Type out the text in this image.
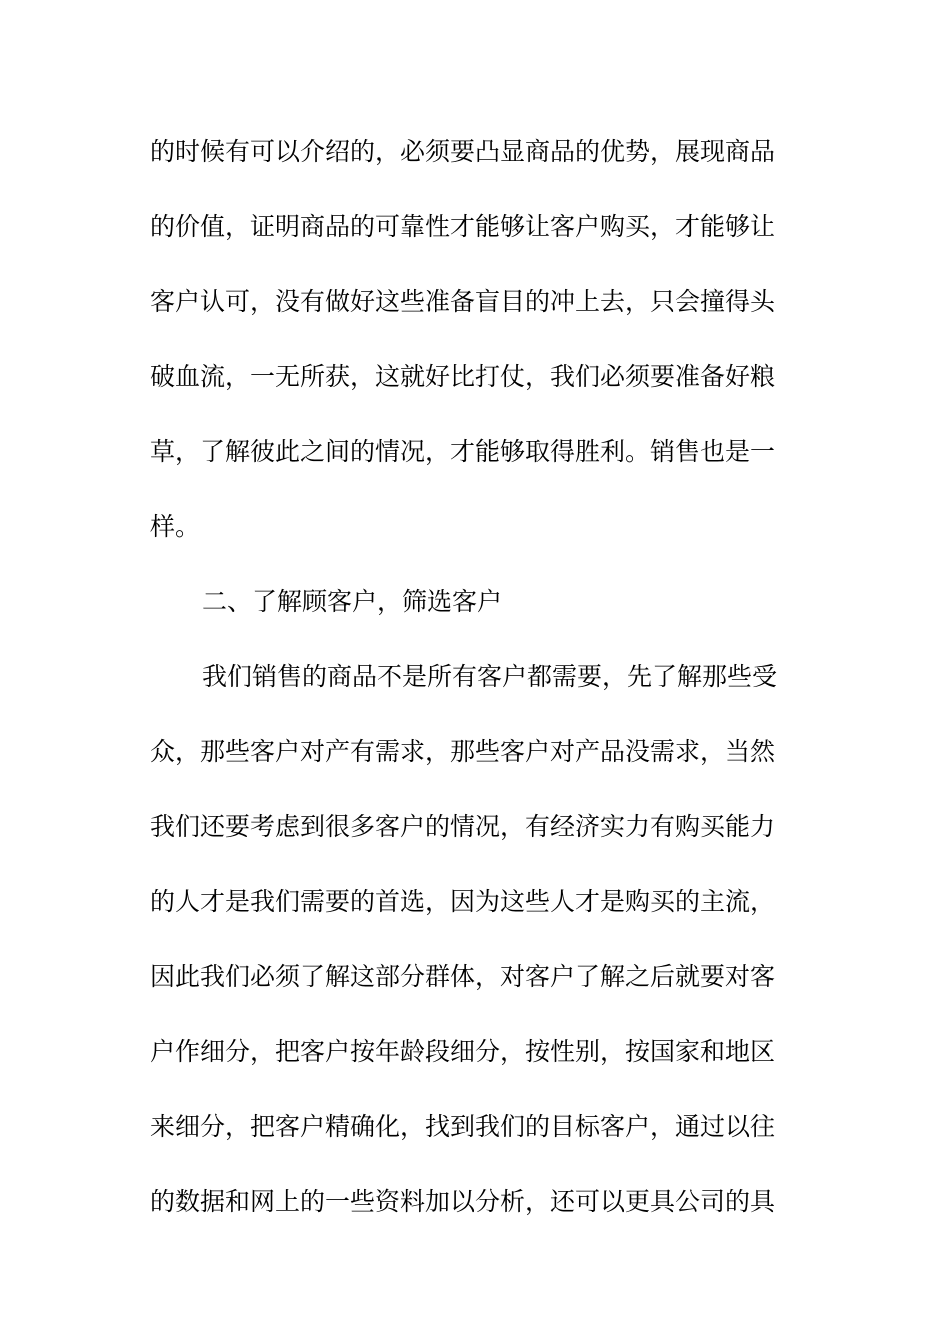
的时候有可以介绍的，必须要凸显商品的优势，展现商品
的价值，证明商品的可靠性才能够让客户购买，才能够让
客户认可，没有做好这些准备盲目的冲上去，只会撞得头
破血流，一无所获，这就好比打仗，我们必须要准备好粮
草，了解彼此之间的情况，才能够取得胜利。销售也是一
样。
二、了解顾客户，筛选客户
我们销售的商品不是所有客户都需要，先了解那些受
众，那些客户对产有需求，那些客户对产品没需求，当然
我们还要考虑到很多客户的情况，有经济实力有购买能力
的人才是我们需要的首选，因为这些人才是购买的主流，
因此我们必须了解这部分群体，对客户了解之后就要对客
户作细分，把客户按年龄段细分，按性别，按国家和地区
来细分，把客户精确化，找到我们的目标客户，通过以往
的数据和网上的一些资料加以分析，还可以更具公司的具
